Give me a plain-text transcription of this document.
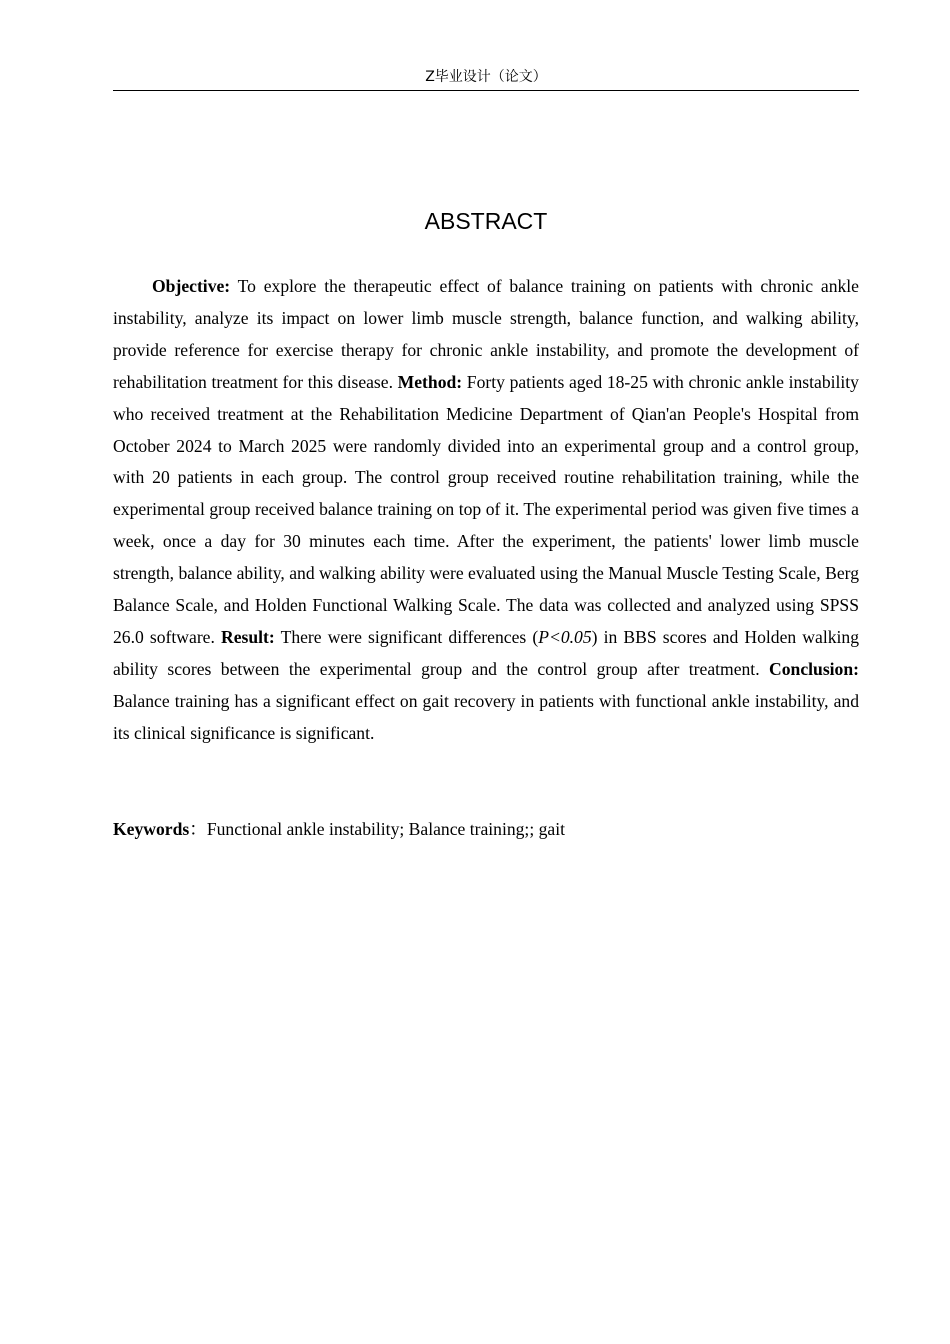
Z毕业设计（论文）
ABSTRACT

Objective: To explore the therapeutic effect of balance training on patients with chronic ankle instability, analyze its impact on lower limb muscle strength, balance function, and walking ability, provide reference for exercise therapy for chronic ankle instability, and promote the development of rehabilitation treatment for this disease. Method: Forty patients aged 18-25 with chronic ankle instability who received treatment at the Rehabilitation Medicine Department of Qian'an People's Hospital from October 2024 to March 2025 were randomly divided into an experimental group and a control group, with 20 patients in each group. The control group received routine rehabilitation training, while the experimental group received balance training on top of it. The experimental period was given five times a week, once a day for 30 minutes each time. After the experiment, the patients' lower limb muscle strength, balance ability, and walking ability were evaluated using the Manual Muscle Testing Scale, Berg Balance Scale, and Holden Functional Walking Scale. The data was collected and analyzed using SPSS 26.0 software. Result: There were significant differences (P<0.05) in BBS scores and Holden walking ability scores between the experimental group and the control group after treatment. Conclusion: Balance training has a significant effect on gait recovery in patients with functional ankle instability, and its clinical significance is significant.

Keywords：Functional ankle instability; Balance training;; gait
